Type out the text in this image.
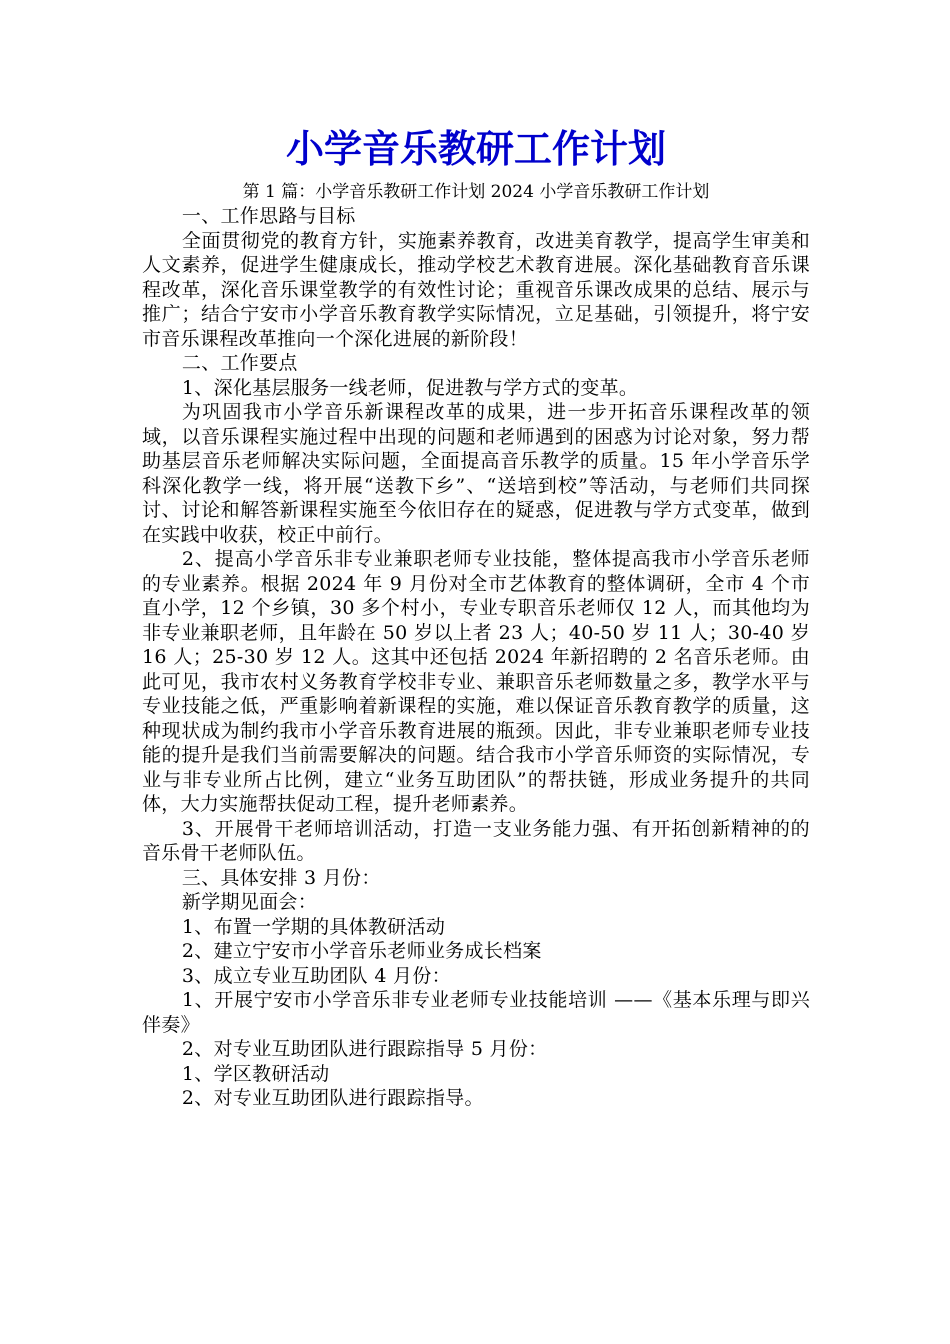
小学音乐教研工作计划

第 1 篇：小学音乐教研工作计划 2024 小学音乐教研工作计划

一、工作思路与目标

全面贯彻党的教育方针，实施素养教育，改进美育教学，提高学生审美和人文素养，促进学生健康成长，推动学校艺术教育进展。深化基础教育音乐课程改革，深化音乐课堂教学的有效性讨论；重视音乐课改成果的总结、展示与推广；结合宁安市小学音乐教育教学实际情况，立足基础，引领提升，将宁安市音乐课程改革推向一个深化进展的新阶段！

二、工作要点

1、深化基层服务一线老师，促进教与学方式的变革。

为巩固我市小学音乐新课程改革的成果，进一步开拓音乐课程改革的领域，以音乐课程实施过程中出现的问题和老师遇到的困惑为讨论对象，努力帮助基层音乐老师解决实际问题，全面提高音乐教学的质量。15 年小学音乐学科深化教学一线，将开展“送教下乡”、“送培到校”等活动，与老师们共同探讨、讨论和解答新课程实施至今依旧存在的疑惑，促进教与学方式变革，做到在实践中收获，校正中前行。

2、提高小学音乐非专业兼职老师专业技能，整体提高我市小学音乐老师的专业素养。根据 2024 年 9 月份对全市艺体教育的整体调研，全市 4 个市直小学，12 个乡镇，30 多个村小，专业专职音乐老师仅 12 人，而其他均为非专业兼职老师，且年龄在 50 岁以上者 23 人；40-50 岁 11 人；30-40 岁 16 人；25-30 岁 12 人。这其中还包括 2024 年新招聘的 2 名音乐老师。由此可见，我市农村义务教育学校非专业、兼职音乐老师数量之多，教学水平与专业技能之低，严重影响着新课程的实施，难以保证音乐教育教学的质量，这种现状成为制约我市小学音乐教育进展的瓶颈。因此，非专业兼职老师专业技能的提升是我们当前需要解决的问题。结合我市小学音乐师资的实际情况，专业与非专业所占比例，建立“业务互助团队”的帮扶链，形成业务提升的共同体，大力实施帮扶促动工程，提升老师素养。

3、开展骨干老师培训活动，打造一支业务能力强、有开拓创新精神的的音乐骨干老师队伍。

三、具体安排 3 月份：

新学期见面会：

1、布置一学期的具体教研活动

2、建立宁安市小学音乐老师业务成长档案

3、成立专业互助团队 4 月份：

1、开展宁安市小学音乐非专业老师专业技能培训 ——《基本乐理与即兴伴奏》

2、对专业互助团队进行跟踪指导 5 月份：

1、学区教研活动

2、对专业互助团队进行跟踪指导。
